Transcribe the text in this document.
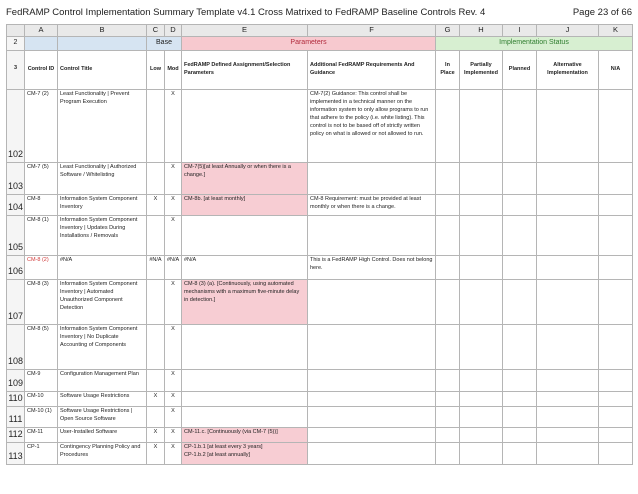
FedRAMP Control Implementation Summary Template v4.1 Cross Matrixed to FedRAMP Baseline Controls Rev. 4	Page 23 of 66
	A	B	C	D	E	F	G	H	I	J	K
2			Base		Parameters		Implementation Status				
3	Control ID	Control Title	Low	Mod	FedRAMP Defined Assignment/Selection Parameters	Additional FedRAMP Requirements And Guidance	In Place	Partially Implemented	Planned	Alternative Implementation	N/A
102	CM-7 (2)	Least Functionality | Prevent Program Execution		X		CM-7(2) Guidance: This control shall be implemented in a technical manner on the information system to only allow programs to run that adhere to the policy (i.e. white listing). This control is not to be based off of strictly written policy on what is allowed or not allowed to run.					
103	CM-7 (5)	Least Functionality | Authorized Software / Whitelisting		X	CM-7(5)[at least Annually or when there is a change.]						
104	CM-8	Information System Component Inventory	X	X	CM-8b. [at least monthly]	CM-8 Requirement: must be provided at least monthly or when there is a change.					
105	CM-8 (1)	Information System Component Inventory | Updates During Installations / Removals		X							
106	CM-8 (2)	#N/A	#N/A	#N/A	#N/A	This is a FedRAMP High Control. Does not belong here.					
107	CM-8 (3)	Information System Component Inventory | Automated Unauthorized Component Detection		X	CM-8 (3) (a). [Continuously, using automated mechanisms with a maximum five-minute delay in detection.]						
108	CM-8 (5)	Information System Component Inventory | No Duplicate Accounting of Components		X							
109	CM-9	Configuration Management Plan		X							
110	CM-10	Software Usage Restrictions	X	X							
111	CM-10 (1)	Software Usage Restrictions | Open Source Software		X							
112	CM-11	User-Installed Software	X	X	CM-11.c. [Continuously (via CM-7 (5))]						
113	CP-1	Contingency Planning Policy and Procedures	X	X	CP-1.b.1 [at least every 3 years]
CP-1.b.2 [at least annually]						
